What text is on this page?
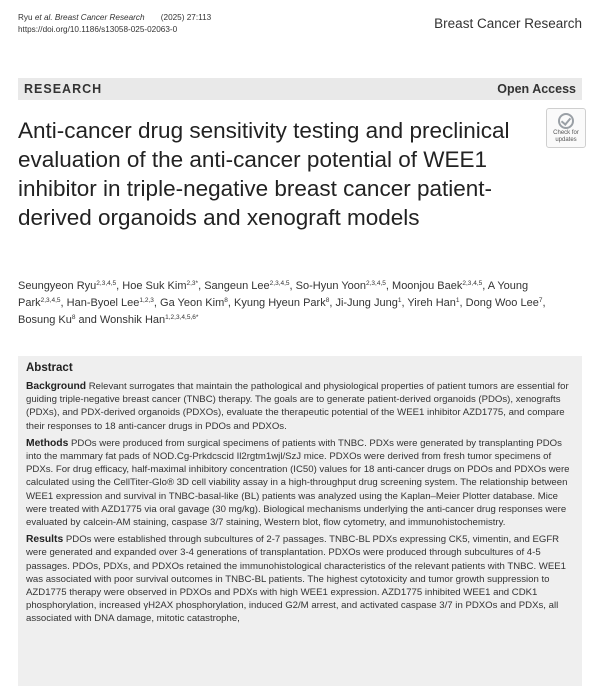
Ryu et al. Breast Cancer Research (2025) 27:113
https://doi.org/10.1186/s13058-025-02063-0	Breast Cancer Research
RESEARCH	Open Access
Anti-cancer drug sensitivity testing and preclinical evaluation of the anti-cancer potential of WEE1 inhibitor in triple-negative breast cancer patient-derived organoids and xenograft models
Check for
updates

Seungyeon Ryu$^{2,3,4,5}$, Hoe Suk Kim$^{2,3*}$, Sangeun Lee$^{2,3,4,5}$, So-Hyun Yoon$^{2,3,4,5}$, Moonjou Baek$^{2,3,4,5}$, A Young Park$^{2,3,4,5}$, Han-Byoel Lee$^{1,2,3}$, Ga Yeon Kim$^8$, Kyung Hyeun Park$^8$, Ji-Jung Jung$^1$, Yireh Han$^1$, Dong Woo Lee$^7$, Bosung Ku$^8$ and Wonshik Han$^{1,2,3,4,5,6*}$

Abstract

Background Relevant surrogates that maintain the pathological and physiological properties of patient tumors are essential for guiding triple-negative breast cancer (TNBC) therapy. The goals are to generate patient-derived organoids (PDOs), xenografts (PDXs), and PDX-derived organoids (PDXOs), evaluate the therapeutic potential of the WEE1 inhibitor AZD1775, and compare their responses to 18 anti-cancer drugs in PDOs and PDXOs.

Methods PDOs were produced from surgical specimens of patients with TNBC. PDXs were generated by transplanting PDOs into the mammary fat pads of NOD.Cg-Prkdcscid Il2rgtm1wjl/SzJ mice. PDXOs were derived from fresh tumor specimens of PDXs. For drug efficacy, half-maximal inhibitory concentration (IC50) values for 18 anti-cancer drugs on PDOs and PDXOs were calculated using the CellTiter-Glo® 3D cell viability assay in a high-throughput drug screening system. The relationship between WEE1 expression and survival in TNBC-basal-like (BL) patients was analyzed using the Kaplan–Meier Plotter database. Mice were treated with AZD1775 via oral gavage (30 mg/kg). Biological mechanisms underlying the anti-cancer drug responses were evaluated by calcein-AM staining, caspase 3/7 staining, Western blot, flow cytometry, and immunohistochemistry.

Results PDOs were established through subcultures of 2-7 passages. TNBC-BL PDXs expressing CK5, vimentin, and EGFR were generated and expanded over 3-4 generations of transplantation. PDXOs were produced through subcultures of 4-5 passages. PDOs, PDXs, and PDXOs retained the immunohistological characteristics of the relevant patients with TNBC. WEE1 was associated with poor survival outcomes in TNBC-BL patients. The highest cytotoxicity and tumor growth suppression to AZD1775 therapy were observed in PDXOs and PDXs with high WEE1 expression. AZD1775 inhibited WEE1 and CDK1 phosphorylation, increased γH2AX phosphorylation, induced G2/M arrest, and activated caspase 3/7 in PDXOs and PDXs, all associated with DNA damage, mitotic catastrophe,
